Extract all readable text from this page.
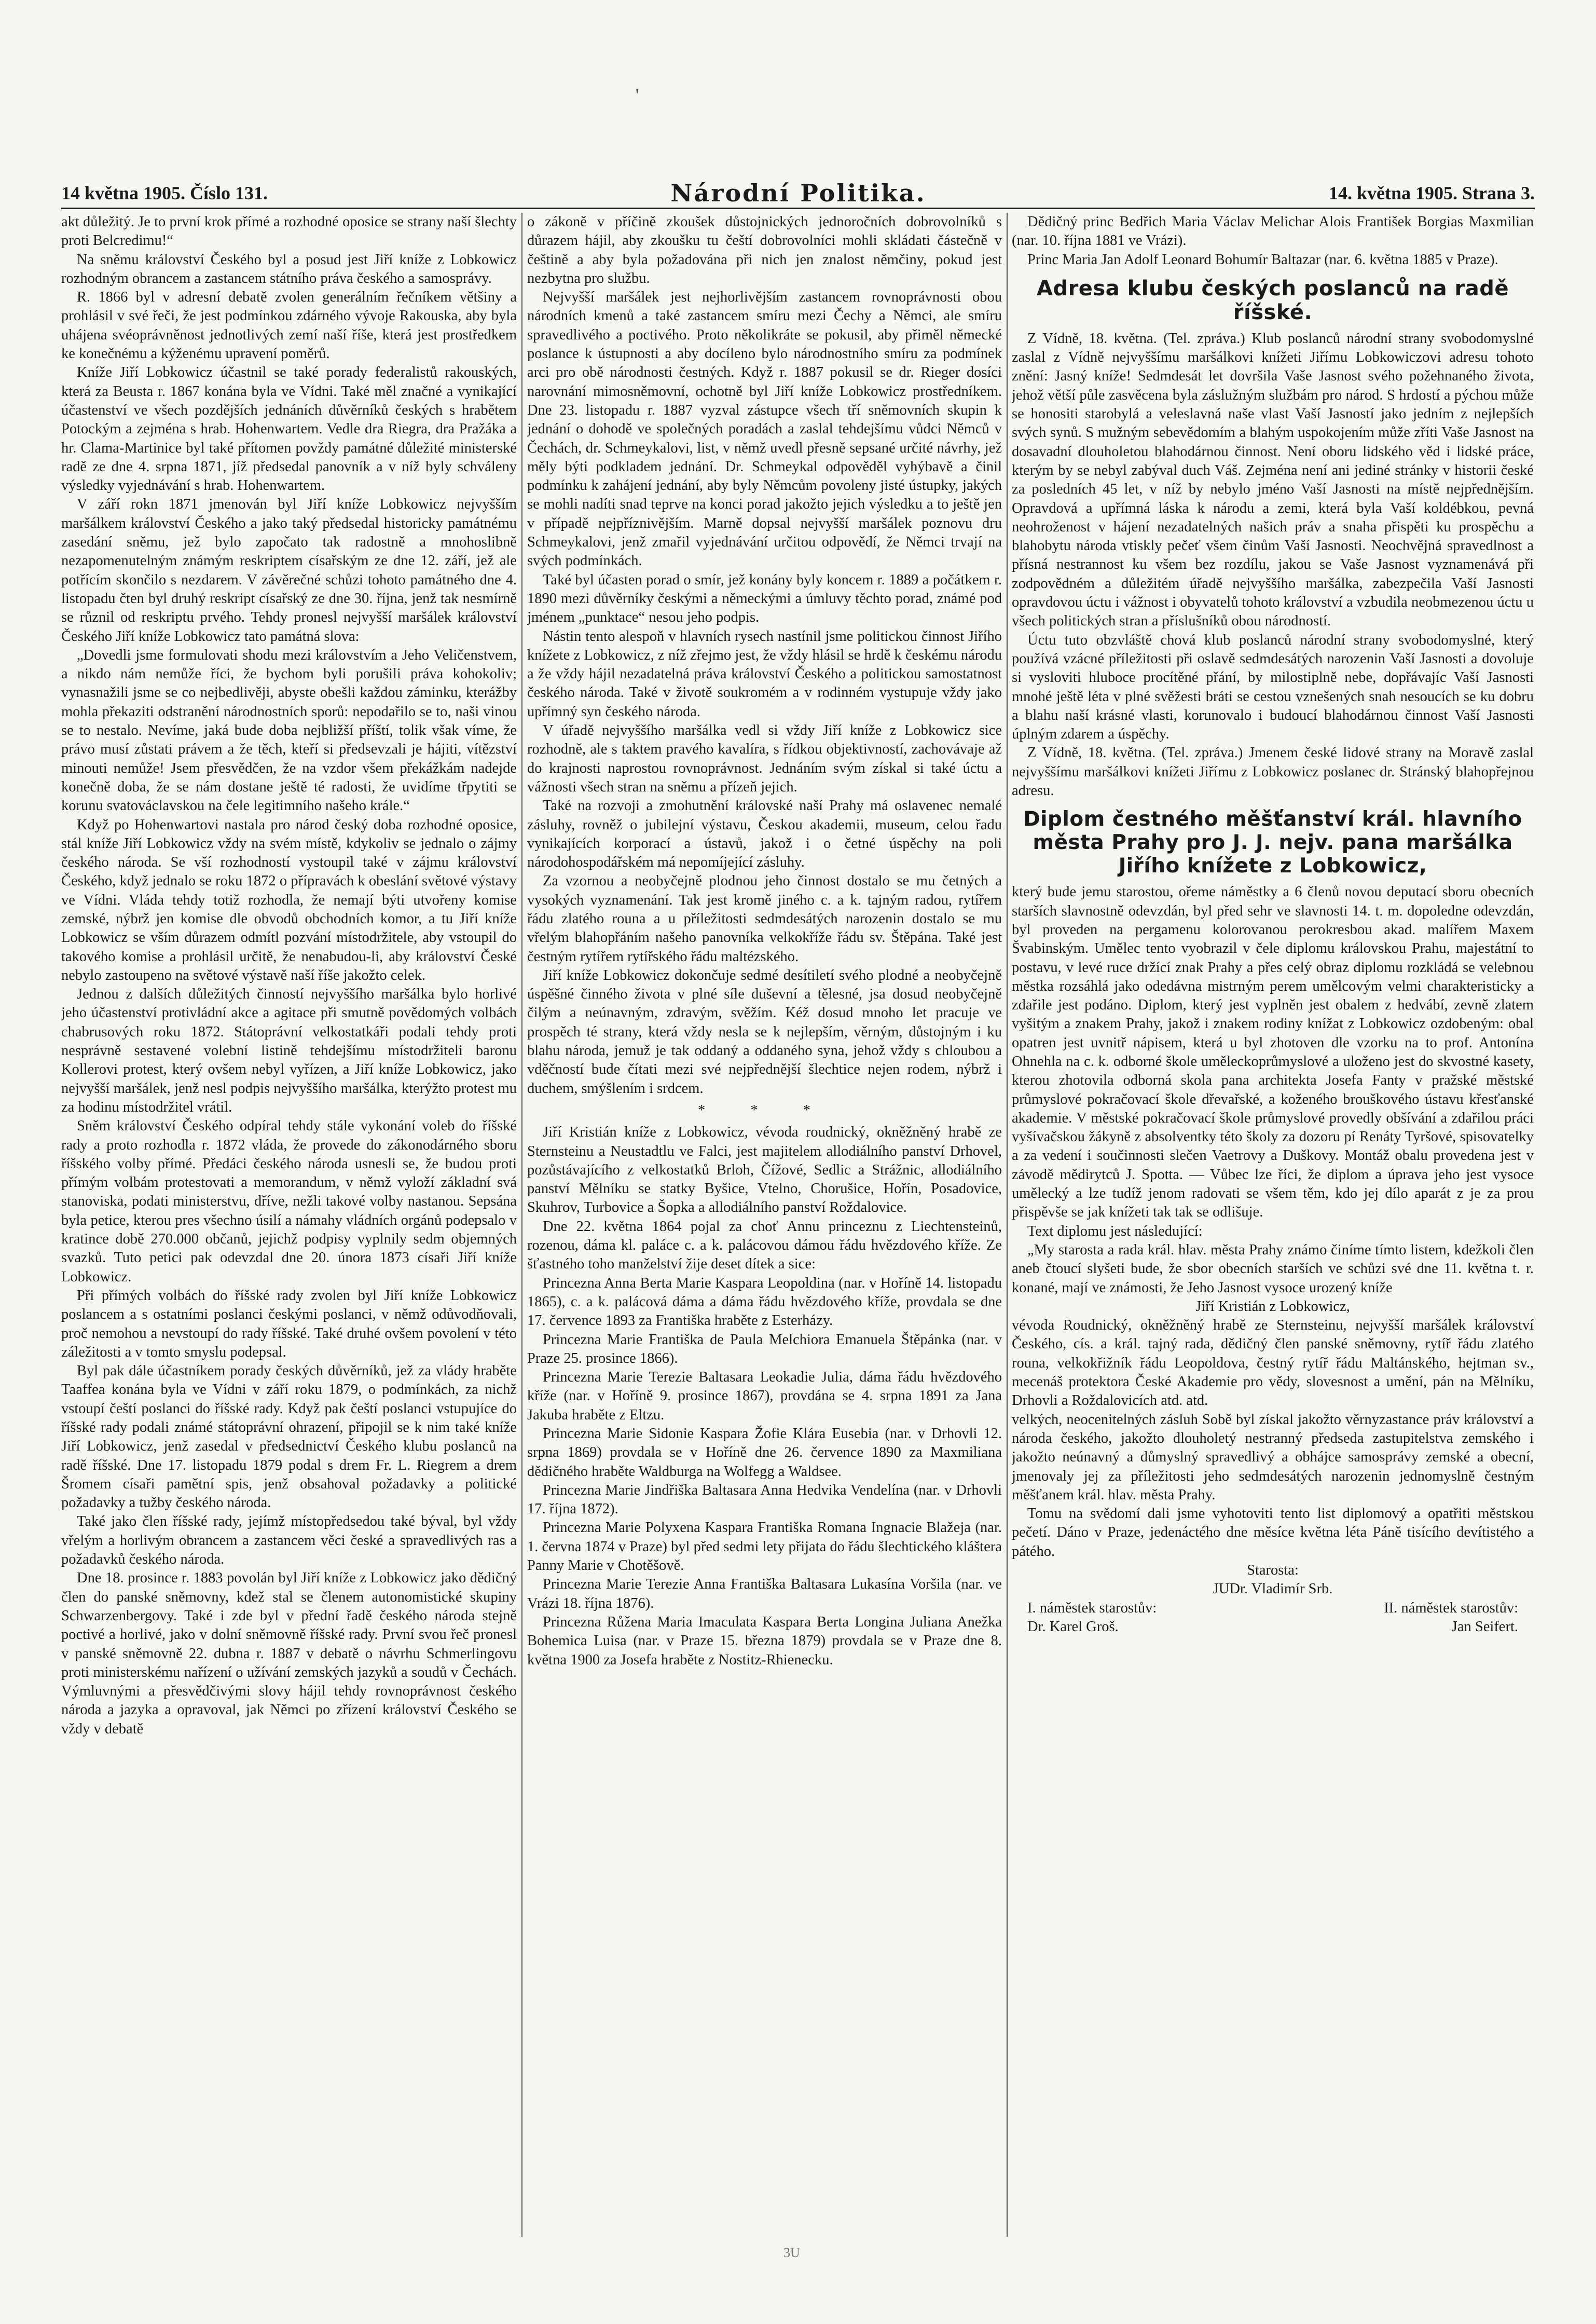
'
14 května 1905. Číslo 131.	Národní Politika.	14. května 1905. Strana 3.

akt důležitý. Je to první krok přímé a rozhodné oposice se strany naší šlechty proti Belcredimu!“

Na sněmu království Českého byl a posud jest Jiří kníže z Lobkowicz rozhodným obrancem a zastancem státního práva českého a samosprávy.

R. 1866 byl v adresní debatě zvolen generálním řečníkem většiny a prohlásil v své řeči, že jest podmínkou zdárného vývoje Rakouska, aby byla uhájena svéoprávněnost jednotlivých zemí naší říše, která jest prostředkem ke konečnému a kýženému upravení poměrů.

Kníže Jiří Lobkowicz účastnil se také porady federalistů rakouských, která za Beusta r. 1867 konána byla ve Vídni. Také měl značné a vynikající účastenství ve všech pozdějších jednáních důvěrníků českých s hrabětem Potockým a zejména s hrab. Hohenwartem. Vedle dra Riegra, dra Pražáka a hr. Clama-Martinice byl také přítomen povždy památné důležité ministerské radě ze dne 4. srpna 1871, jíž předsedal panovník a v níž byly schváleny výsledky vyjednávání s hrab. Hohenwartem.

V září rokn 1871 jmenován byl Jiří kníže Lobkowicz nejvyšším maršálkem království Českého a jako taký předsedal historicky památnému zasedání sněmu, jež bylo započato tak radostně a mnohoslibně nezapomenutelným známým reskriptem císařským ze dne 12. září, jež ale potřícím skončilo s nezdarem. V závěrečné schůzi tohoto památného dne 4. listopadu čten byl druhý reskript císařský ze dne 30. října, jenž tak nesmírně se různil od reskriptu prvého. Tehdy pronesl nejvyšší maršálek království Českého Jiří kníže Lobkowicz tato památná slova:

„Dovedli jsme formulovati shodu mezi královstvím a Jeho Veličenstvem, a nikdo nám nemůže říci, že bychom byli porušili práva kohokoliv; vynasnažili jsme se co nejbedlivěji, abyste obešli každou záminku, kterážby mohla překaziti odstranění národnostních sporů: nepodařilo se to, naši vinou se to nestalo. Nevíme, jaká bude doba nejbližší příští, tolik však víme, že právo musí zůstati právem a že těch, kteří si předsevzali je hájiti, vítězství minouti nemůže! Jsem přesvědčen, že na vzdor všem překážkám nadejde konečně doba, že se nám dostane ještě té radosti, že uvidíme třpytiti se korunu svatováclavskou na čele legitimního našeho krále.“

Když po Hohenwartovi nastala pro národ český doba rozhodné oposice, stál kníže Jiří Lobkowicz vždy na svém místě, kdykoliv se jednalo o zájmy českého národa. Se vší rozhodností vystoupil také v zájmu království Českého, když jednalo se roku 1872 o přípravách k obeslání světové výstavy ve Vídni. Vláda tehdy totiž rozhodla, že nemají býti utvořeny komise zemské, nýbrž jen komise dle obvodů obchodních komor, a tu Jiří kníže Lobkowicz se vším důrazem odmítl pozvání místodržitele, aby vstoupil do takového komise a prohlásil určitě, že nenabudou-li, aby království České nebylo zastoupeno na světové výstavě naší říše jakožto celek.

Jednou z dalších důležitých činností nejvyššího maršálka bylo horlivé jeho účastenství protivládní akce a agitace při smutně povědomých volbách chabrusových roku 1872. Státoprávní velkostatkáři podali tehdy proti nesprávně sestavené volební listině tehdejšímu místodržiteli baronu Kollerovi protest, který ovšem nebyl vyřízen, a Jiří kníže Lobkowicz, jako nejvyšší maršálek, jenž nesl podpis nejvyššího maršálka, kterýžto protest mu za hodinu místodržitel vrátil.

Sněm království Českého odpíral tehdy stále vykonání voleb do říšské rady a proto rozhodla r. 1872 vláda, že provede do zákonodárného sboru říšského volby přímé. Předáci českého národa usnesli se, že budou proti přímým volbám protestovati a memorandum, v němž vyloží základní svá stanoviska, podati ministerstvu, dříve, nežli takové volby nastanou. Sepsána byla petice, kterou pres všechno úsilí a námahy vládních orgánů podepsalo v kratince době 270.000 občanů, jejichž podpisy vyplnily sedm objemných svazků. Tuto petici pak odevzdal dne 20. února 1873 císaři Jiří kníže Lobkowicz.

Při přímých volbách do říšské rady zvolen byl Jiří kníže Lobkowicz poslancem a s ostatními poslanci českými poslanci, v němž odůvodňovali, proč nemohou a nevstoupí do rady říšské. Také druhé ovšem povolení v této záležitosti a v tomto smyslu podepsal.

Byl pak dále účastníkem porady českých důvěrníků, jež za vlády hraběte Taaffea konána byla ve Vídni v září roku 1879, o podmínkách, za nichž vstoupí čeští poslanci do říšské rady. Když pak čeští poslanci vstupujíce do říšské rady podali známé státoprávní ohrazení, připojil se k nim také kníže Jiří Lobkowicz, jenž zasedal v předsednictví Českého klubu poslanců na radě říšské. Dne 17. listopadu 1879 podal s drem Fr. L. Riegrem a drem Šromem císaři pamětní spis, jenž obsahoval požadavky a politické požadavky a tužby českého národa.

Také jako člen říšské rady, jejímž místopředsedou také býval, byl vždy vřelým a horlivým obrancem a zastancem věci české a spravedlivých ras a požadavků českého národa.

Dne 18. prosince r. 1883 povolán byl Jiří kníže z Lobkowicz jako dědičný člen do panské sněmovny, kdež stal se členem autonomistické skupiny Schwarzenbergovy. Také i zde byl v přední řadě českého národa stejně poctivé a horlivé, jako v dolní sněmovně říšské rady. První svou řeč pronesl v panské sněmovně 22. dubna r. 1887 v debatě o návrhu Schmerlingovu proti ministerskému nařízení o užívání zemských jazyků a soudů v Čechách. Výmluvnými a přesvědčivými slovy hájil tehdy rovnoprávnost českého národa a jazyka a opravoval, jak Němci po zřízení království Českého se vždy v debatě

o zákoně v příčině zkoušek důstojnických jednoročních dobrovolníků s důrazem hájil, aby zkoušku tu čeští dobrovolníci mohli skládati částečně v češtině a aby byla požadována při nich jen znalost němčiny, pokud jest nezbytna pro službu.

Nejvyšší maršálek jest nejhorlivějším zastancem rovnoprávnosti obou národních kmenů a také zastancem smíru mezi Čechy a Němci, ale smíru spravedlivého a poctivého. Proto několikráte se pokusil, aby přiměl německé poslance k ústupnosti a aby docíleno bylo národnostního smíru za podmínek arci pro obě národnosti čestných. Když r. 1887 pokusil se dr. Rieger dosíci narovnání mimosněmovní, ochotně byl Jiří kníže Lobkowicz prostředníkem. Dne 23. listopadu r. 1887 vyzval zástupce všech tří sněmovních skupin k jednání o dohodě ve společných poradách a zaslal tehdejšímu vůdci Němců v Čechách, dr. Schmeykalovi, list, v němž uvedl přesně sepsané určité návrhy, jež měly býti podkladem jednání. Dr. Schmeykal odpověděl vyhýbavě a činil podmínku k zahájení jednání, aby byly Němcům povoleny jisté ústupky, jakých se mohli nadíti snad teprve na konci porad jakožto jejich výsledku a to ještě jen v případě nejpříznivějším. Marně dopsal nejvyšší maršálek poznovu dru Schmeykalovi, jenž zmařil vyjednávání určitou odpovědí, že Němci trvají na svých podmínkách.

Také byl účasten porad o smír, jež konány byly koncem r. 1889 a počátkem r. 1890 mezi důvěrníky českými a německými a úmluvy těchto porad, známé pod jménem „punktace“ nesou jeho podpis.

Nástin tento alespoň v hlavních rysech nastínil jsme politickou činnost Jiřího knížete z Lobkowicz, z níž zřejmo jest, že vždy hlásil se hrdě k českému národu a že vždy hájil nezadatelná práva království Českého a politickou samostatnost českého národa. Také v životě soukromém a v rodinném vystupuje vždy jako upřímný syn českého národa.

V úřadě nejvyššího maršálka vedl si vždy Jiří kníže z Lobkowicz sice rozhodně, ale s taktem pravého kavalíra, s řídkou objektivností, zachovávaje až do krajnosti naprostou rovnoprávnost. Jednáním svým získal si také úctu a vážnosti všech stran na sněmu a přízeň jejich.

Také na rozvoji a zmohutnění královské naší Prahy má oslavenec nemalé zásluhy, rovněž o jubilejní výstavu, Českou akademii, museum, celou řadu vynikajících korporací a ústavů, jakož i o četné úspěchy na poli národohospodářském má nepomíjející zásluhy.

Za vzornou a neobyčejně plodnou jeho činnost dostalo se mu četných a vysokých vyznamenání. Tak jest kromě jiného c. a k. tajným radou, rytířem řádu zlatého rouna a u příležitosti sedmdesátých narozenin dostalo se mu vřelým blahopřáním našeho panovníka velkokříže řádu sv. Štěpána. Také jest čestným rytířem rytířského řádu maltézského.

Jiří kníže Lobkowicz dokončuje sedmé desítiletí svého plodné a neobyčejně úspěšné činného života v plné síle duševní a tělesné, jsa dosud neobyčejně čilým a neúnavným, zdravým, svěžím. Kéž dosud mnoho let pracuje ve prospěch té strany, která vždy nesla se k nejlepším, věrným, důstojným i ku blahu národa, jemuž je tak oddaný a oddaného syna, jehož vždy s chloubou a vděčností bude čítati mezi své nejpřednější šlechtice nejen rodem, nýbrž i duchem, smýšlením i srdcem.

* * *

Jiří Kristián kníže z Lobkowicz, vévoda roudnický, okněžněný hrabě ze Sternsteinu a Neustadtlu ve Falci, jest majitelem allodiálního panství Drhovel, pozůstávajícího z velkostatků Brloh, Čížové, Sedlic a Strážnic, allodiálního panství Mělníku se statky Byšice, Vtelno, Chorušice, Hořín, Posadovice, Skuhrov, Turbovice a Šopka a allodiálního panství Roždalovice.

Dne 22. května 1864 pojal za choť Annu princeznu z Liechtensteinů, rozenou, dáma kl. paláce c. a k. palácovou dámou řádu hvězdového kříže. Ze šťastného toho manželství žije deset dítek a sice:

Princezna Anna Berta Marie Kaspara Leopoldina (nar. v Hoříně 14. listopadu 1865), c. a k. palácová dáma a dáma řádu hvězdového kříže, provdala se dne 17. července 1893 za Františka hraběte z Esterházy.

Princezna Marie Františka de Paula Melchiora Emanuela Štěpánka (nar. v Praze 25. prosince 1866).

Princezna Marie Terezie Baltasara Leokadie Julia, dáma řádu hvězdového kříže (nar. v Hoříně 9. prosince 1867), provdána se 4. srpna 1891 za Jana Jakuba hraběte z Eltzu.

Princezna Marie Sidonie Kaspara Žofie Klára Eusebia (nar. v Drhovli 12. srpna 1869) provdala se v Hoříně dne 26. července 1890 za Maxmiliana dědičného hraběte Waldburga na Wolfegg a Waldsee.

Princezna Marie Jindřiška Baltasara Anna Hedvika Vendelína (nar. v Drhovli 17. října 1872).

Princezna Marie Polyxena Kaspara Františka Romana Ingnacie Blažeja (nar. 1. června 1874 v Praze) byl před sedmi lety přijata do řádu šlechtického kláštera Panny Marie v Chotěšově.

Princezna Marie Terezie Anna Františka Baltasara Lukasína Voršila (nar. ve Vrázi 18. října 1876).

Princezna Růžena Maria Imaculata Kaspara Berta Longina Juliana Anežka Bohemica Luisa (nar. v Praze 15. března 1879) provdala se v Praze dne 8. května 1900 za Josefa hraběte z Nostitz-Rhienecku.

Dědičný princ Bedřich Maria Václav Melichar Alois František Borgias Maxmilian (nar. 10. října 1881 ve Vrázi).

Princ Maria Jan Adolf Leonard Bohumír Baltazar (nar. 6. května 1885 v Praze).

Adresa klubu českých poslanců na radě říšské.

Z Vídně, 18. května. (Tel. zpráva.) Klub poslanců národní strany svobodomyslné zaslal z Vídně nejvyššímu maršálkovi knížeti Jiřímu Lobkowiczovi adresu tohoto znění: Jasný kníže! Sedmdesát let dovršila Vaše Jasnost svého požehnaného života, jehož větší půle zasvěcena byla záslužným službám pro národ. S hrdostí a pýchou může se honositi starobylá a veleslavná naše vlast Vaší Jasností jako jedním z nejlepších svých synů. S mužným sebevědomím a blahým uspokojením může zříti Vaše Jasnost na dosavadní dlouholetou blahodárnou činnost. Není oboru lidského věd i lidské práce, kterým by se nebyl zabýval duch Váš. Zejména není ani jediné stránky v historii české za posledních 45 let, v níž by nebylo jméno Vaší Jasnosti na místě nejpřednějším. Opravdová a upřímná láska k národu a zemi, která byla Vaší koldébkou, pevná neohroženost v hájení nezadatelných našich práv a snaha přispěti ku prospěchu a blahobytu národa vtiskly pečeť všem činům Vaší Jasnosti. Neochvějná spravedlnost a přísná nestrannost ku všem bez rozdílu, jakou se Vaše Jasnost vyznamenává při zodpovědném a důležitém úřadě nejvyššího maršálka, zabezpečila Vaší Jasnosti opravdovou úctu i vážnost i obyvatelů tohoto království a vzbudila neobmezenou úctu u všech politických stran a příslušníků obou národností.

Úctu tuto obzvláště chová klub poslanců národní strany svobodomyslné, který používá vzácné příležitosti při oslavě sedmdesátých narozenin Vaší Jasnosti a dovoluje si vysloviti hluboce procítěné přání, by milostiplně nebe, dopřávajíc Vaší Jasnosti mnohé ještě léta v plné svěžesti bráti se cestou vznešených snah nesoucích se ku dobru a blahu naší krásné vlasti, korunovalo i budoucí blahodárnou činnost Vaší Jasnosti úplným zdarem a úspěchy.

Z Vídně, 18. května. (Tel. zpráva.) Jmenem české lidové strany na Moravě zaslal nejvyššímu maršálkovi knížeti Jiřímu z Lobkowicz poslanec dr. Stránský blahopřejnou adresu.

Diplom čestného měšťanství král. hlavního města Prahy pro J. J. nejv. pana maršálka Jiřího knížete z Lobkowicz,

který bude jemu starostou, ořeme náměstky a 6 členů novou deputací sboru obecních starších slavnostně odevzdán, byl před sehr ve slavnosti 14. t. m. dopoledne odevzdán, byl proveden na pergamenu kolorovanou perokresbou akad. malířem Maxem Švabinským. Umělec tento vyobrazil v čele diplomu královskou Prahu, majestátní to postavu, v levé ruce držící znak Prahy a přes celý obraz diplomu rozkládá se velebnou městka rozsáhlá jako odedávna mistrným perem umělcovým velmi charakteristicky a zdařile jest podáno. Diplom, který jest vyplněn jest obalem z hedvábí, zevně zlatem vyšitým a znakem Prahy, jakož i znakem rodiny knížat z Lobkowicz ozdobeným: obal opatren jest uvnitř nápisem, která u byl zhotoven dle vzorku na to prof. Antonína Ohnehla na c. k. odborné škole uměleckoprůmyslové a uloženo jest do skvostné kasety, kterou zhotovila odborná skola pana architekta Josefa Fanty v pražské městské průmyslové pokračovací škole dřevařské, a koženého brouškového ústavu křesťanské akademie. V městské pokračovací škole průmyslové provedly obšívání a zdařilou práci vyšívačskou žákyně z absolventky této školy za dozoru pí Renáty Tyršové, spisovatelky a za vedení i součinnosti slečen Vaetrovy a Duškovy. Montáž obalu provedena jest v závodě mědirytců J. Spotta. — Vůbec lze říci, že diplom a úprava jeho jest vysoce umělecký a lze tudíž jenom radovati se všem těm, kdo jej dílo aparát z je za prou přispěvše se jak knížeti tak tak se odlišuje.

Text diplomu jest následující:

„My starosta a rada král. hlav. města Prahy známo činíme tímto listem, kdežkoli člen aneb čtoucí slyšeti bude, že sbor obecních starších ve schůzi své dne 11. května t. r. konané, mají ve známosti, že Jeho Jasnost vysoce urozený kníže

Jiří Kristián z Lobkowicz,

vévoda Roudnický, okněžněný hrabě ze Sternsteinu, nejvyšší maršálek království Českého, cís. a král. tajný rada, dědičný člen panské sněmovny, rytíř řádu zlatého rouna, velkokřižník řádu Leopoldova, čestný rytíř řádu Maltánského, hejtman sv., mecenáš protektora České Akademie pro vědy, slovesnost a umění, pán na Mělníku, Drhovli a Roždalovicích atd. atd.

velkých, neocenitelných zásluh Sobě byl získal jakožto věrnyzastance práv království a národa českého, jakožto dlouholetý nestranný předseda zastupitelstva zemského i jakožto neúnavný a důmyslný spravedlivý a obhájce samosprávy zemské a obecní, jmenovaly jej za příležitosti jeho sedmdesátých narozenin jednomyslně čestným měšťanem král. hlav. města Prahy.

Tomu na svědomí dali jsme vyhotoviti tento list diplomový a opatřiti městskou pečetí. Dáno v Praze, jedenáctého dne měsíce května léta Páně tisícího devítistého a pátého.

Starosta:

JUDr. Vladimír Srb.

I. náměstek starostův:	II. náměstek starostův:
Dr. Karel Groš.	Jan Seifert.
3U
